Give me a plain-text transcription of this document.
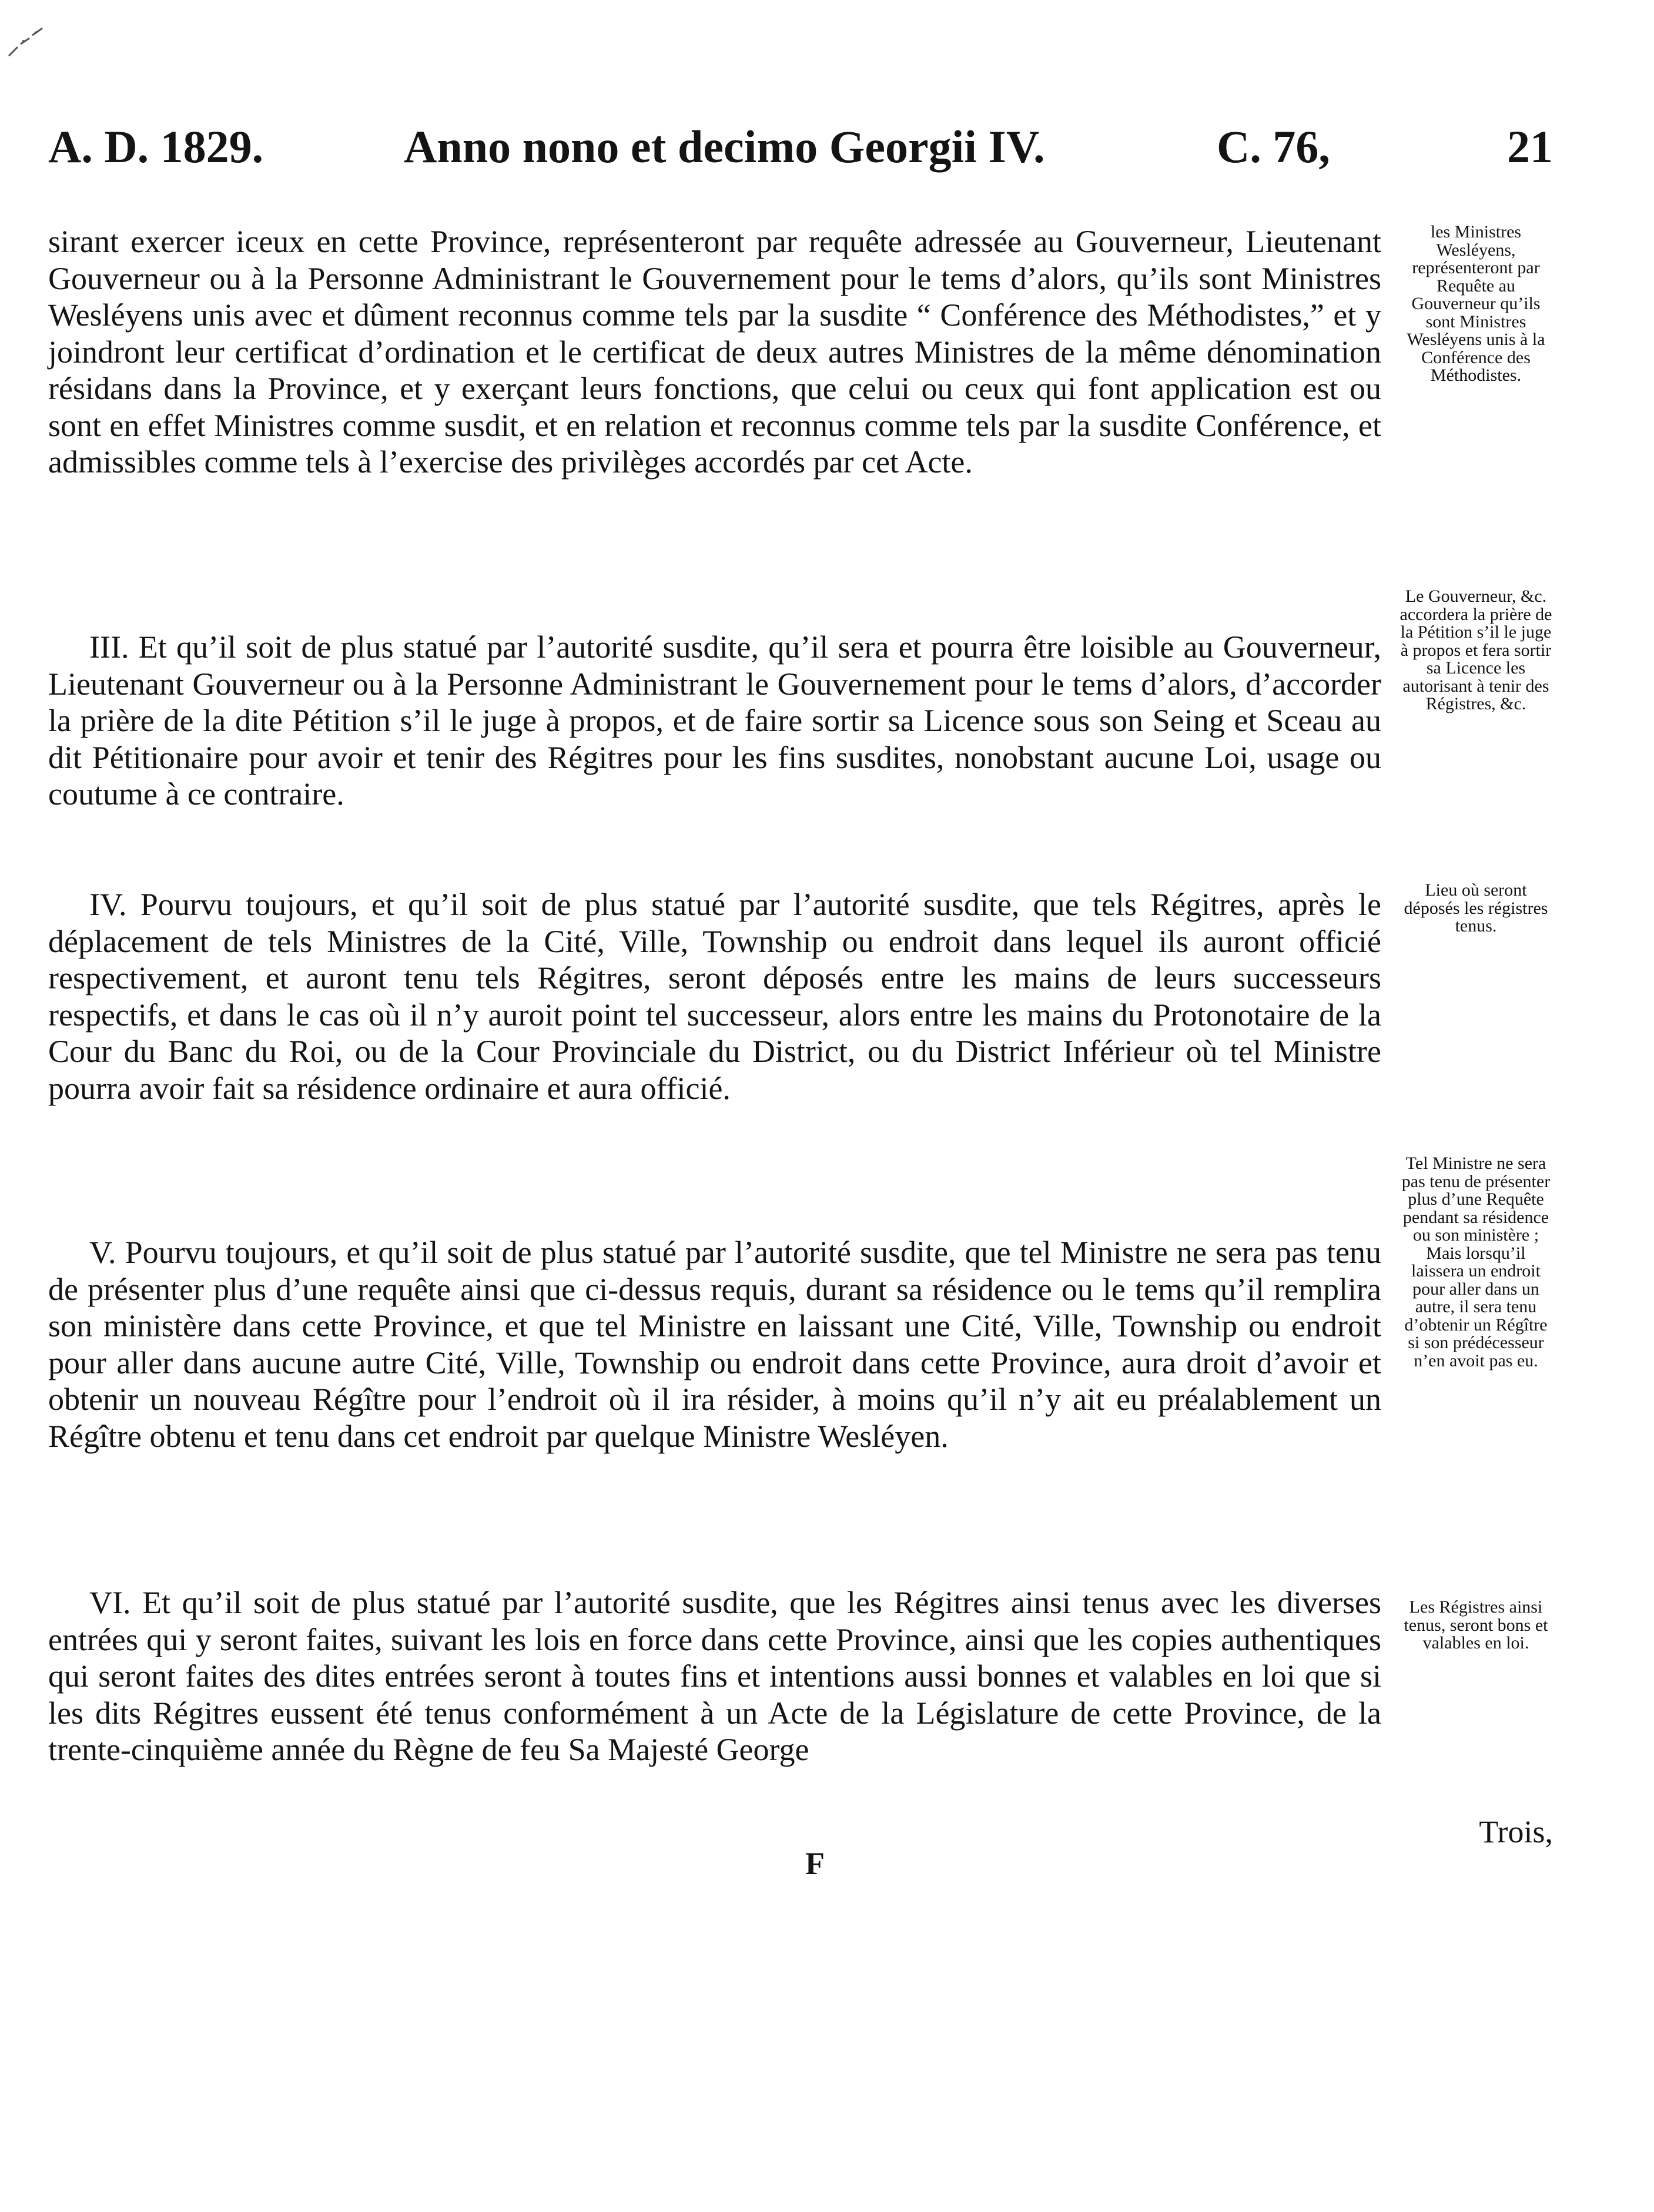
A. D. 1829.	Anno nono et decimo Georgii IV.	C. 76,	21

sirant exercer iceux en cette Province, représenteront par requête adressée au Gouverneur, Lieutenant Gouverneur ou à la Personne Administrant le Gouvernement pour le tems d’alors, qu’ils sont Ministres Wesléyens unis avec et dûment reconnus comme tels par la susdite “ Conférence des Méthodistes,” et y joindront leur certificat d’ordination et le certificat de deux autres Ministres de la même dénomination résidans dans la Province, et y exerçant leurs fonctions, que celui ou ceux qui font application est ou sont en effet Ministres comme susdit, et en relation et reconnus comme tels par la susdite Conférence, et admissibles comme tels à l’exercise des privilèges accordés par cet Acte.

III. Et qu’il soit de plus statué par l’autorité susdite, qu’il sera et pourra être loisible au Gouverneur, Lieutenant Gouverneur ou à la Personne Administrant le Gouvernement pour le tems d’alors, d’accorder la prière de la dite Pétition s’il le juge à propos, et de faire sortir sa Licence sous son Seing et Sceau au dit Pétitionaire pour avoir et tenir des Régitres pour les fins susdites, nonobstant aucune Loi, usage ou coutume à ce contraire.

IV. Pourvu toujours, et qu’il soit de plus statué par l’autorité susdite, que tels Régitres, après le déplacement de tels Ministres de la Cité, Ville, Township ou endroit dans lequel ils auront officié respectivement, et auront tenu tels Régitres, seront déposés entre les mains de leurs successeurs respectifs, et dans le cas où il n’y auroit point tel successeur, alors entre les mains du Protonotaire de la Cour du Banc du Roi, ou de la Cour Provinciale du District, ou du District Inférieur où tel Ministre pourra avoir fait sa résidence ordinaire et aura officié.

V. Pourvu toujours, et qu’il soit de plus statué par l’autorité susdite, que tel Ministre ne sera pas tenu de présenter plus d’une requête ainsi que ci-dessus requis, durant sa résidence ou le tems qu’il remplira son ministère dans cette Province, et que tel Ministre en laissant une Cité, Ville, Township ou endroit pour aller dans aucune autre Cité, Ville, Township ou endroit dans cette Province, aura droit d’avoir et obtenir un nouveau Régître pour l’endroit où il ira résider, à moins qu’il n’y ait eu préalablement un Régître obtenu et tenu dans cet endroit par quelque Ministre Wesléyen.

VI. Et qu’il soit de plus statué par l’autorité susdite, que les Régitres ainsi tenus avec les diverses entrées qui y seront faites, suivant les lois en force dans cette Province, ainsi que les copies authentiques qui seront faites des dites entrées seront à toutes fins et intentions aussi bonnes et valables en loi que si les dits Régitres eussent été tenus conformément à un Acte de la Législature de cette Province, de la trente-cinquième année du Règne de feu Sa Majesté George

Trois,
F

les Ministres Wesléyens, représenteront par Requête au Gouverneur qu’ils sont Ministres Wesléyens unis à la Conférence des Méthodistes.

Le Gouverneur, &c. accordera la prière de la Pétition s’il le juge à propos et fera sortir sa Licence les autorisant à tenir des Régistres, &c.

Lieu où seront déposés les régistres tenus.

Tel Ministre ne sera pas tenu de présenter plus d’une Requête pendant sa résidence ou son ministère ; Mais lorsqu’il laissera un endroit pour aller dans un autre, il sera tenu d’obtenir un Régître si son prédécesseur n’en avoit pas eu.

Les Régistres ainsi tenus, seront bons et valables en loi.
